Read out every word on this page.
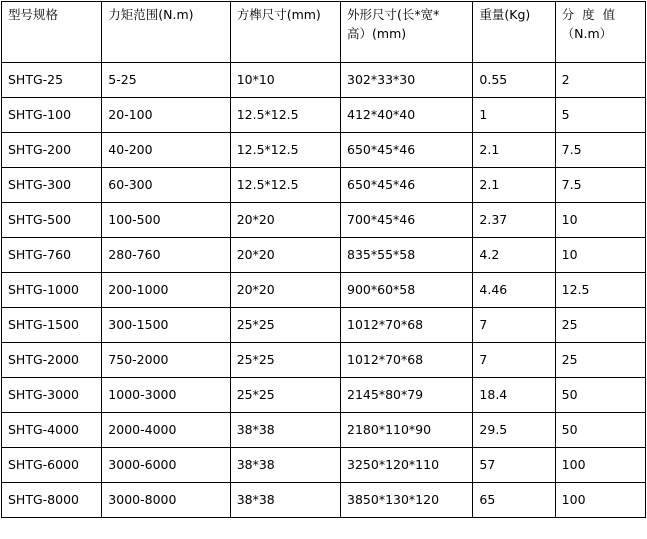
型号规格	力矩范围(N.m)	方榫尺寸(mm)	外形尺寸(长*宽*
高）(mm)	重量(Kg)	分  度  值
（N.m）

SHTG-25	5-25	10*10	302*33*30	0.55	2
SHTG-100	20-100	12.5*12.5	412*40*40	1	5
SHTG-200	40-200	12.5*12.5	650*45*46	2.1	7.5
SHTG-300	60-300	12.5*12.5	650*45*46	2.1	7.5
SHTG-500	100-500	20*20	700*45*46	2.37	10
SHTG-760	280-760	20*20	835*55*58	4.2	10
SHTG-1000	200-1000	20*20	900*60*58	4.46	12.5
SHTG-1500	300-1500	25*25	1012*70*68	7	25
SHTG-2000	750-2000	25*25	1012*70*68	7	25
SHTG-3000	1000-3000	25*25	2145*80*79	18.4	50
SHTG-4000	2000-4000	38*38	2180*110*90	29.5	50
SHTG-6000	3000-6000	38*38	3250*120*110	57	100
SHTG-8000	3000-8000	38*38	3850*130*120	65	100
